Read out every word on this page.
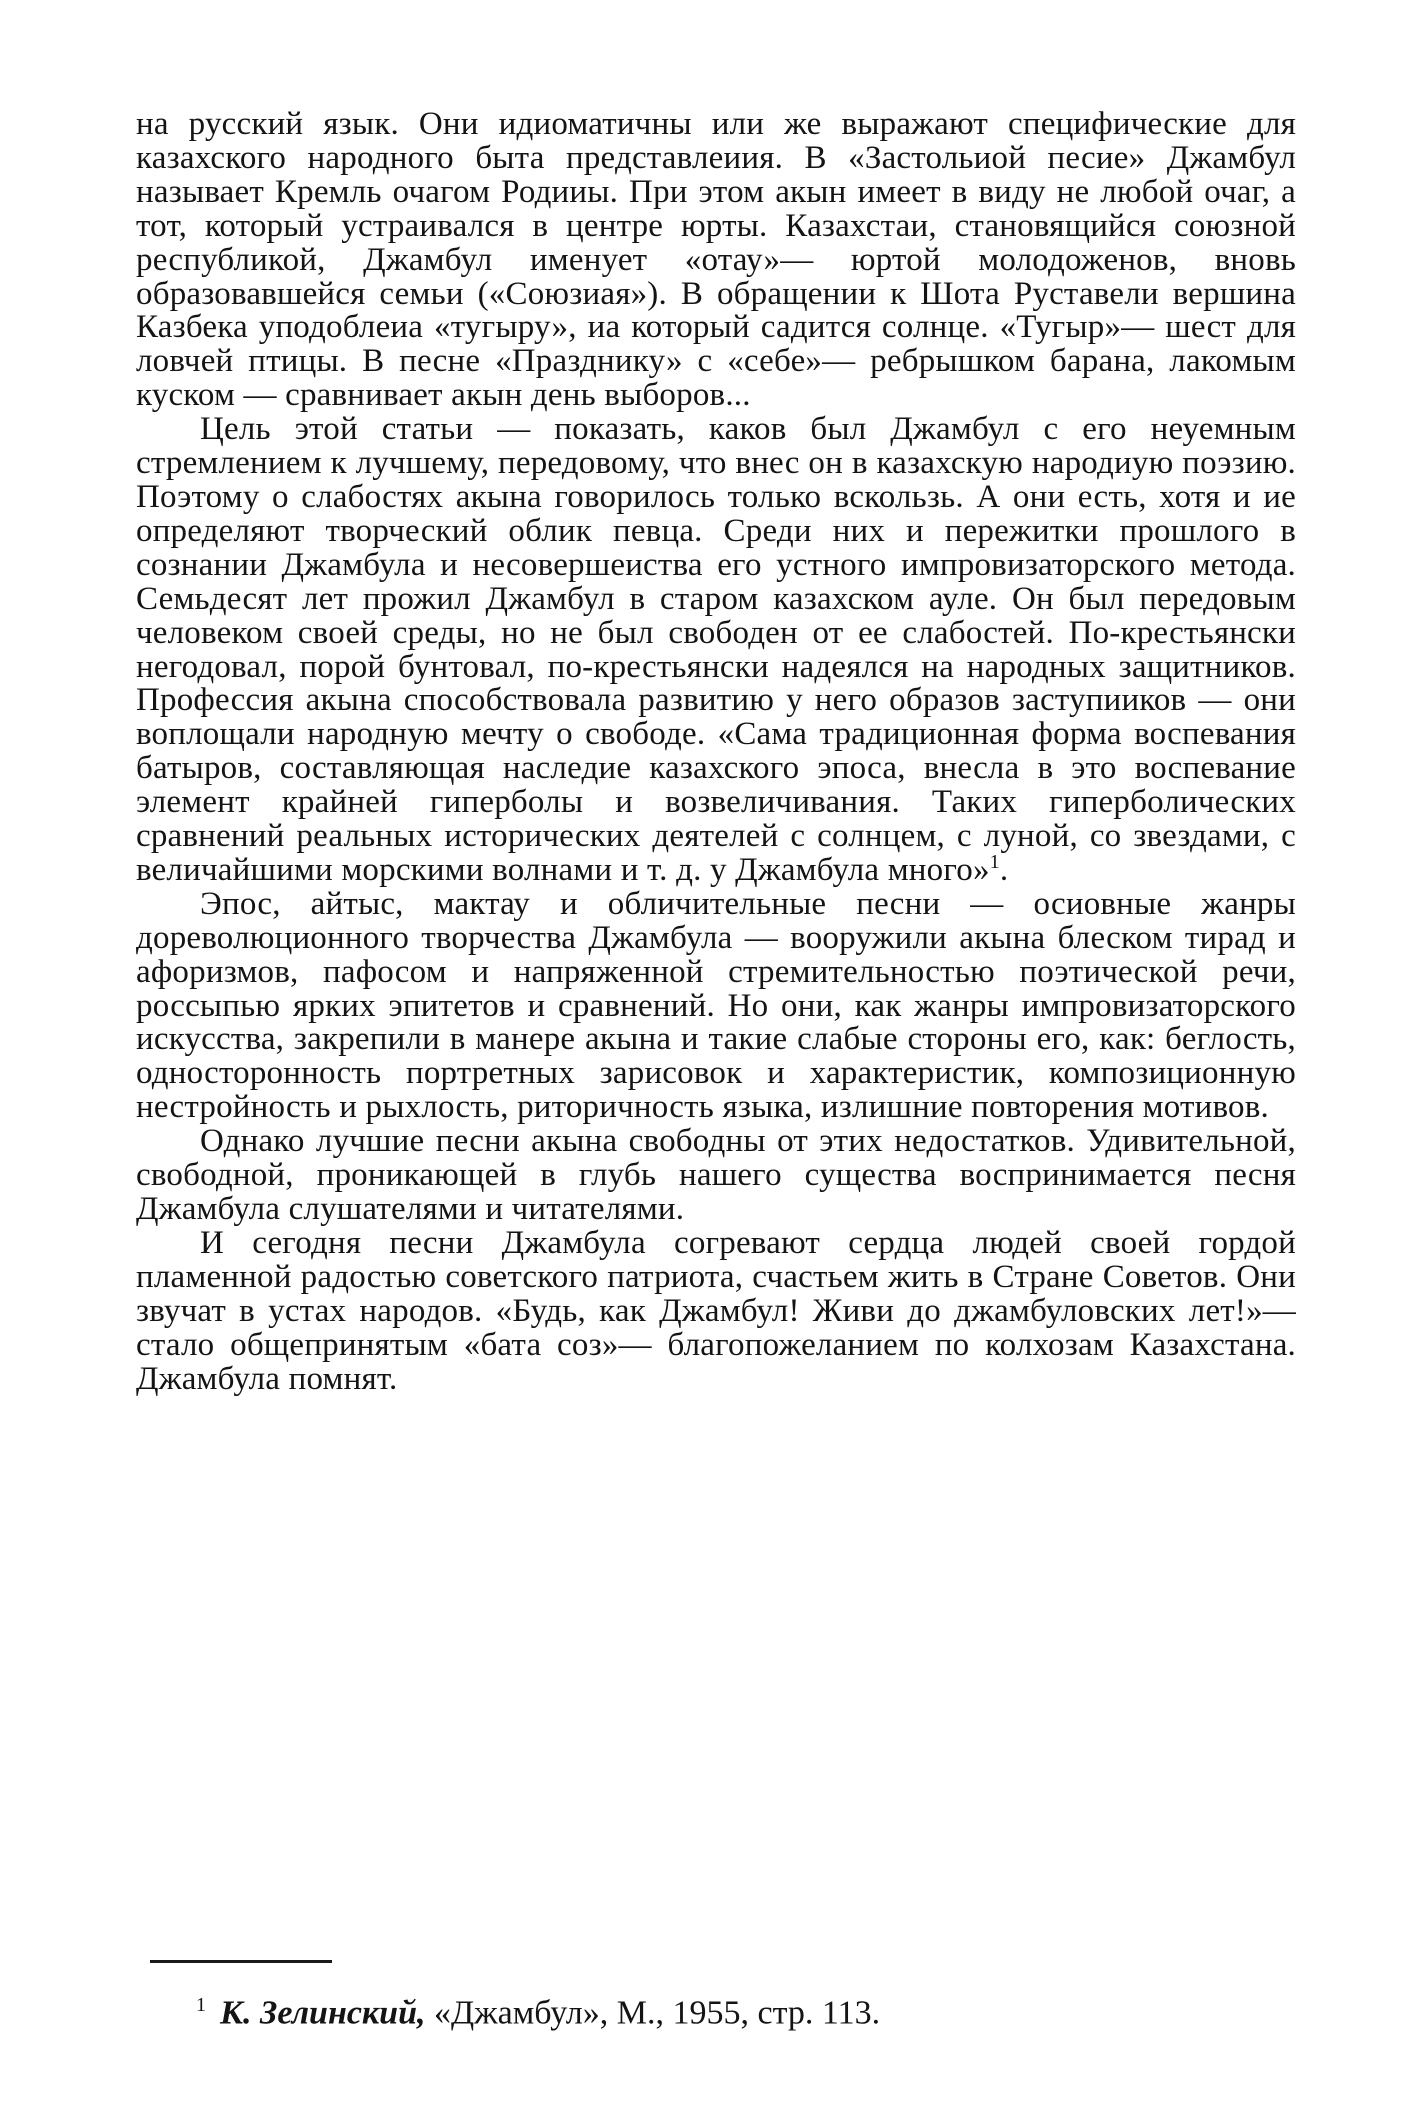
на русский язык. Они идиоматичны или же выражают специфические для казахского народного быта представлеиия. В «Застольиой песие» Джамбул называет Кремль очагом Родииы. При этом акын имеет в виду не любой очаг, а тот, который устраивался в центре юрты. Казахстаи, становящийся союзной республикой, Джамбул именует «отау»— юртой молодоженов, вновь образовавшейся семьи («Союзиая»). В обращении к Шота Руставели вершина Казбека уподоблеиа «тугыру», иа который садится солнце. «Тугыр»— шест для ловчей птицы. В песне «Празднику» с «себе»— ребрышком барана, лакомым куском — сравнивает акын день выборов...

Цель этой статьи — показать, каков был Джамбул с его неуемным стремлением к лучшему, передовому, что внес он в казахскую народиую поэзию. Поэтому о слабостях акына говорилось только вскользь. А они есть, хотя и ие определяют творческий облик певца. Среди них и пережитки прошлого в сознании Джамбула и несовершеиства его устного импровизаторского метода. Семьдесят лет прожил Джамбул в старом казахском ауле. Он был передовым человеком своей среды, но не был свободен от ее слабостей. По-крестьянски негодовал, порой бунтовал, по-крестьянски надеялся на народных защитников. Профессия акына способствовала развитию у него образов заступииков — они воплощали народную мечту о свободе. «Сама традиционная форма воспевания батыров, составляющая наследие казахского эпоса, внесла в это воспевание элемент крайней гиперболы и возвеличивания. Таких гиперболических сравнений реальных исторических деятелей с солнцем, с луной, со звездами, с величайшими морскими волнами и т. д. у Джамбула много»$^1$.

Эпос, айтыс, мактау и обличительные песни — осиовные жанры дореволюционного творчества Джамбула — вооружили акына блеском тирад и афоризмов, пафосом и напряженной стремительностью поэтической речи, россыпью ярких эпитетов и сравнений. Но они, как жанры импровизаторского искусства, закрепили в манере акына и такие слабые стороны его, как: беглость, односторонность портретных зарисовок и характеристик, композиционную нестройность и рыхлость, риторичность языка, излишние повторения мотивов.

Однако лучшие песни акына свободны от этих недостатков. Удивительной, свободной, проникающей в глубь нашего существа воспринимается песня Джамбула слушателями и читателями.

И сегодня песни Джамбула согревают сердца людей своей гордой пламенной радостью советского патриота, счастьем жить в Стране Советов. Они звучат в устах народов. «Будь, как Джамбул! Живи до джамбуловских лет!»— стало общепринятым «бата соз»— благопожеланием по колхозам Казахстана. Джамбула помнят.

$^1$ К. Зелинский, «Джамбул», М., 1955, стр. 113.
